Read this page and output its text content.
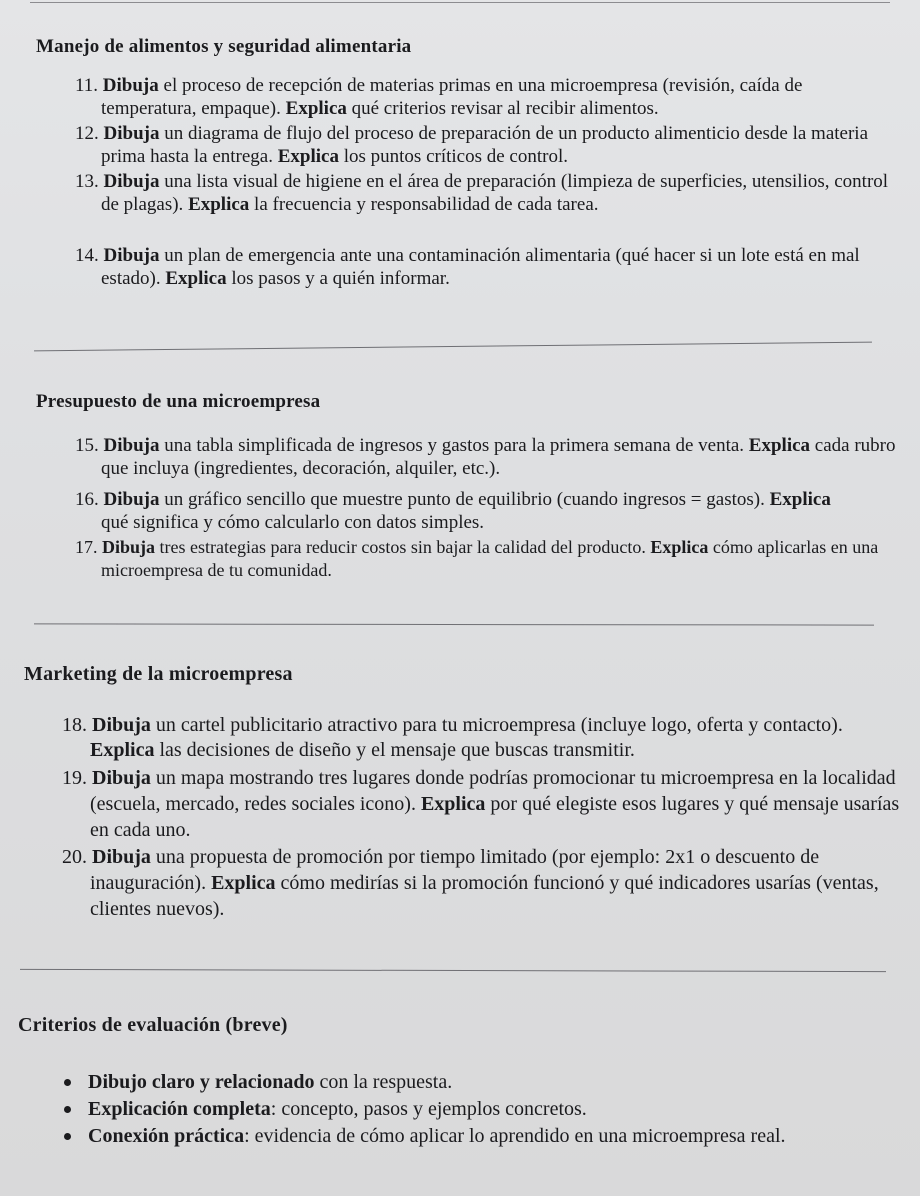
Manejo de alimentos y seguridad alimentaria
11. Dibuja el proceso de recepción de materias primas en una microempresa (revisión, caída de temperatura, empaque). Explica qué criterios revisar al recibir alimentos.
12. Dibuja un diagrama de flujo del proceso de preparación de un producto alimenticio desde la materia prima hasta la entrega. Explica los puntos críticos de control.
13. Dibuja una lista visual de higiene en el área de preparación (limpieza de superficies, utensilios, control de plagas). Explica la frecuencia y responsabilidad de cada tarea.
14. Dibuja un plan de emergencia ante una contaminación alimentaria (qué hacer si un lote está en mal estado). Explica los pasos y a quién informar.
Presupuesto de una microempresa
15. Dibuja una tabla simplificada de ingresos y gastos para la primera semana de venta. Explica cada rubro que incluya (ingredientes, decoración, alquiler, etc.).
16. Dibuja un gráfico sencillo que muestre punto de equilibrio (cuando ingresos = gastos). Explica qué significa y cómo calcularlo con datos simples.
17. Dibuja tres estrategias para reducir costos sin bajar la calidad del producto. Explica cómo aplicarlas en una microempresa de tu comunidad.
Marketing de la microempresa
18. Dibuja un cartel publicitario atractivo para tu microempresa (incluye logo, oferta y contacto). Explica las decisiones de diseño y el mensaje que buscas transmitir.
19. Dibuja un mapa mostrando tres lugares donde podrías promocionar tu microempresa en la localidad (escuela, mercado, redes sociales icono). Explica por qué elegiste esos lugares y qué mensaje usarías en cada uno.
20. Dibuja una propuesta de promoción por tiempo limitado (por ejemplo: 2x1 o descuento de inauguración). Explica cómo medirías si la promoción funcionó y qué indicadores usarías (ventas, clientes nuevos).
Criterios de evaluación (breve)
Dibujo claro y relacionado con la respuesta.
Explicación completa: concepto, pasos y ejemplos concretos.
Conexión práctica: evidencia de cómo aplicar lo aprendido en una microempresa real.
